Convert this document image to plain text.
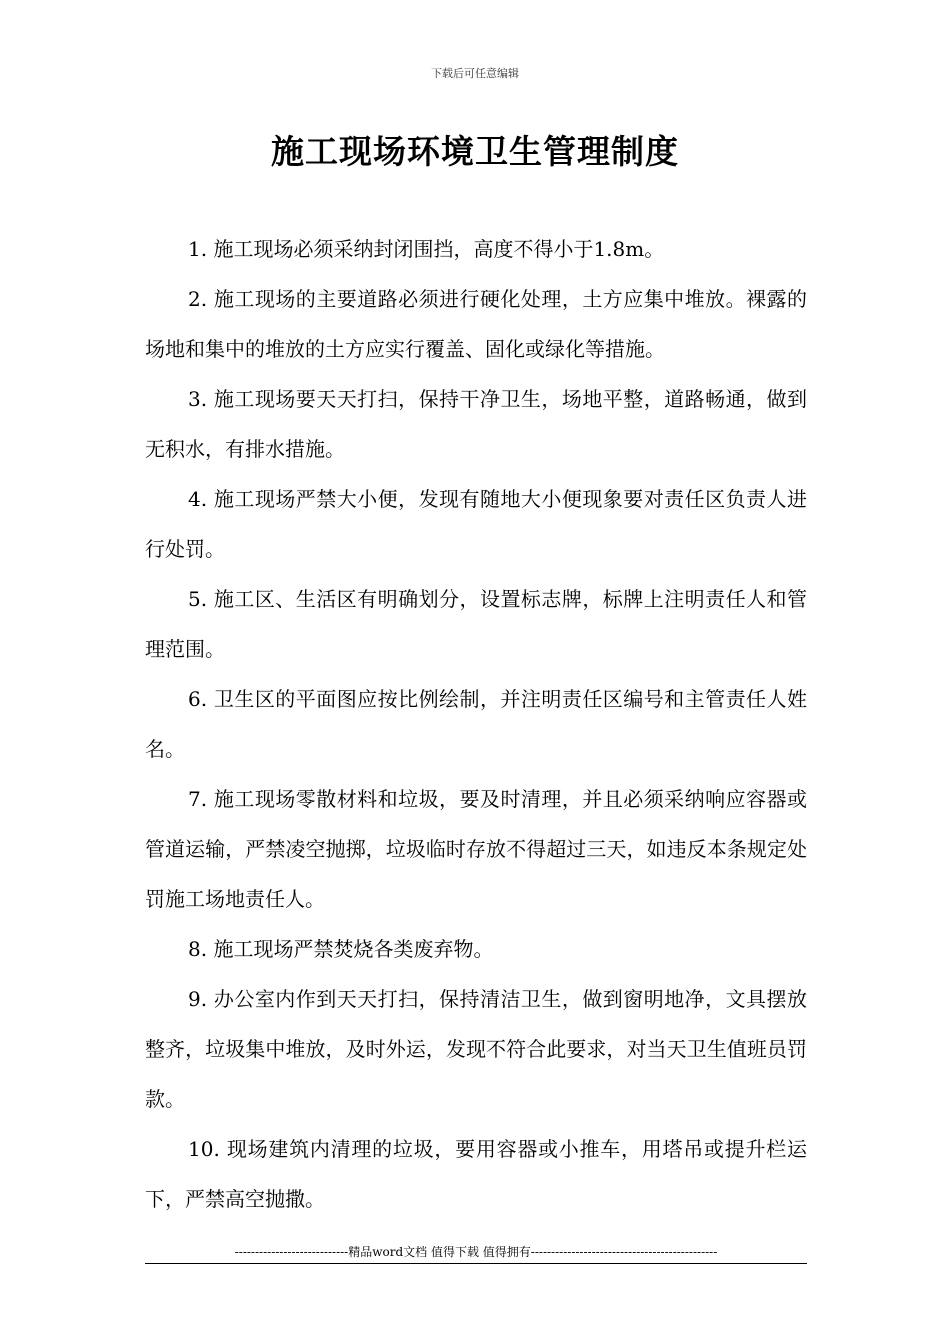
下载后可任意编辑
施工现场环境卫生管理制度

1. 施工现场必须采纳封闭围挡，高度不得小于1.8m。

2. 施工现场的主要道路必须进行硬化处理，土方应集中堆放。裸露的场地和集中的堆放的土方应实行覆盖、固化或绿化等措施。

3. 施工现场要天天打扫，保持干净卫生，场地平整，道路畅通，做到无积水，有排水措施。

4. 施工现场严禁大小便，发现有随地大小便现象要对责任区负责人进行处罚。

5. 施工区、生活区有明确划分，设置标志牌，标牌上注明责任人和管理范围。

6. 卫生区的平面图应按比例绘制，并注明责任区编号和主管责任人姓名。

7. 施工现场零散材料和垃圾，要及时清理，并且必须采纳响应容器或管道运输，严禁凌空抛掷，垃圾临时存放不得超过三天，如违反本条规定处罚施工场地责任人。

8. 施工现场严禁焚烧各类废弃物。

9. 办公室内作到天天打扫，保持清洁卫生，做到窗明地净，文具摆放整齐，垃圾集中堆放，及时外运，发现不符合此要求，对当天卫生值班员罚款。

10. 现场建筑内清理的垃圾，要用容器或小推车，用塔吊或提升栏运下，严禁高空抛撒。

----------------------------精品word文档 值得下载 值得拥有----------------------------------------------
